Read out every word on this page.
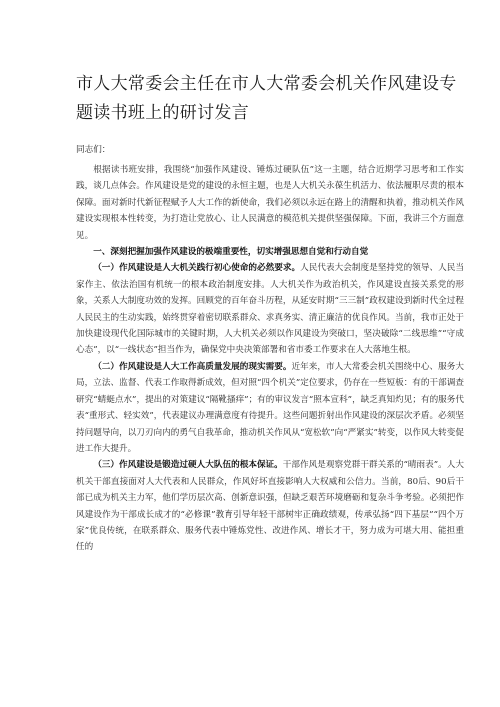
市人大常委会主任在市人大常委会机关作风建设专题读书班上的研讨发言
同志们：

根据读书班安排，我围绕“加强作风建设、锤炼过硬队伍”这一主题，结合近期学习思考和工作实践，谈几点体会。作风建设是党的建设的永恒主题，也是人大机关永葆生机活力、依法履职尽责的根本保障。面对新时代新征程赋予人大工作的新使命，我们必须以永远在路上的清醒和执着，推动机关作风建设实现根本性转变，为打造让党放心、让人民满意的模范机关提供坚强保障。下面，我讲三个方面意见。

一、深刻把握加强作风建设的极端重要性，切实增强思想自觉和行动自觉

（一）作风建设是人大机关践行初心使命的必然要求。人民代表大会制度是坚持党的领导、人民当家作主、依法治国有机统一的根本政治制度安排。人大机关作为政治机关，作风建设直接关系党的形象，关系人大制度功效的发挥。回顾党的百年奋斗历程，从延安时期“三三制”政权建设到新时代全过程人民民主的生动实践，始终贯穿着密切联系群众、求真务实、清正廉洁的优良作风。当前，我市正处于加快建设现代化国际城市的关键时期，人大机关必须以作风建设为突破口，坚决破除“二线思维”“守成心态”，以“一线状态”担当作为，确保党中央决策部署和省市委工作要求在人大落地生根。

（二）作风建设是人大工作高质量发展的现实需要。近年来，市人大常委会机关围绕中心、服务大局，立法、监督、代表工作取得新成效，但对照“四个机关”定位要求，仍存在一些短板：有的干部调查研究“蜻蜓点水”，提出的对策建议“隔靴搔痒”；有的审议发言“照本宣科”，缺乏真知灼见；有的服务代表“重形式、轻实效”，代表建议办理满意度有待提升。这些问题折射出作风建设的深层次矛盾。必须坚持问题导向，以刀刃向内的勇气自我革命，推动机关作风从“宽松软”向“严紧实”转变，以作风大转变促进工作大提升。

（三）作风建设是锻造过硬人大队伍的根本保证。干部作风是观察党群干群关系的“晴雨表”。人大机关干部直接面对人大代表和人民群众，作风好坏直接影响人大权威和公信力。当前，80后、90后干部已成为机关主力军，他们学历层次高、创新意识强，但缺乏艰苦环境磨砺和复杂斗争考验。必须把作风建设作为干部成长成才的“必修课”教育引导年轻干部树牢正确政绩观，传承弘扬“四下基层”“四个万家”优良传统，在联系群众、服务代表中锤炼党性、改进作风、增长才干，努力成为可堪大用、能担重任的
